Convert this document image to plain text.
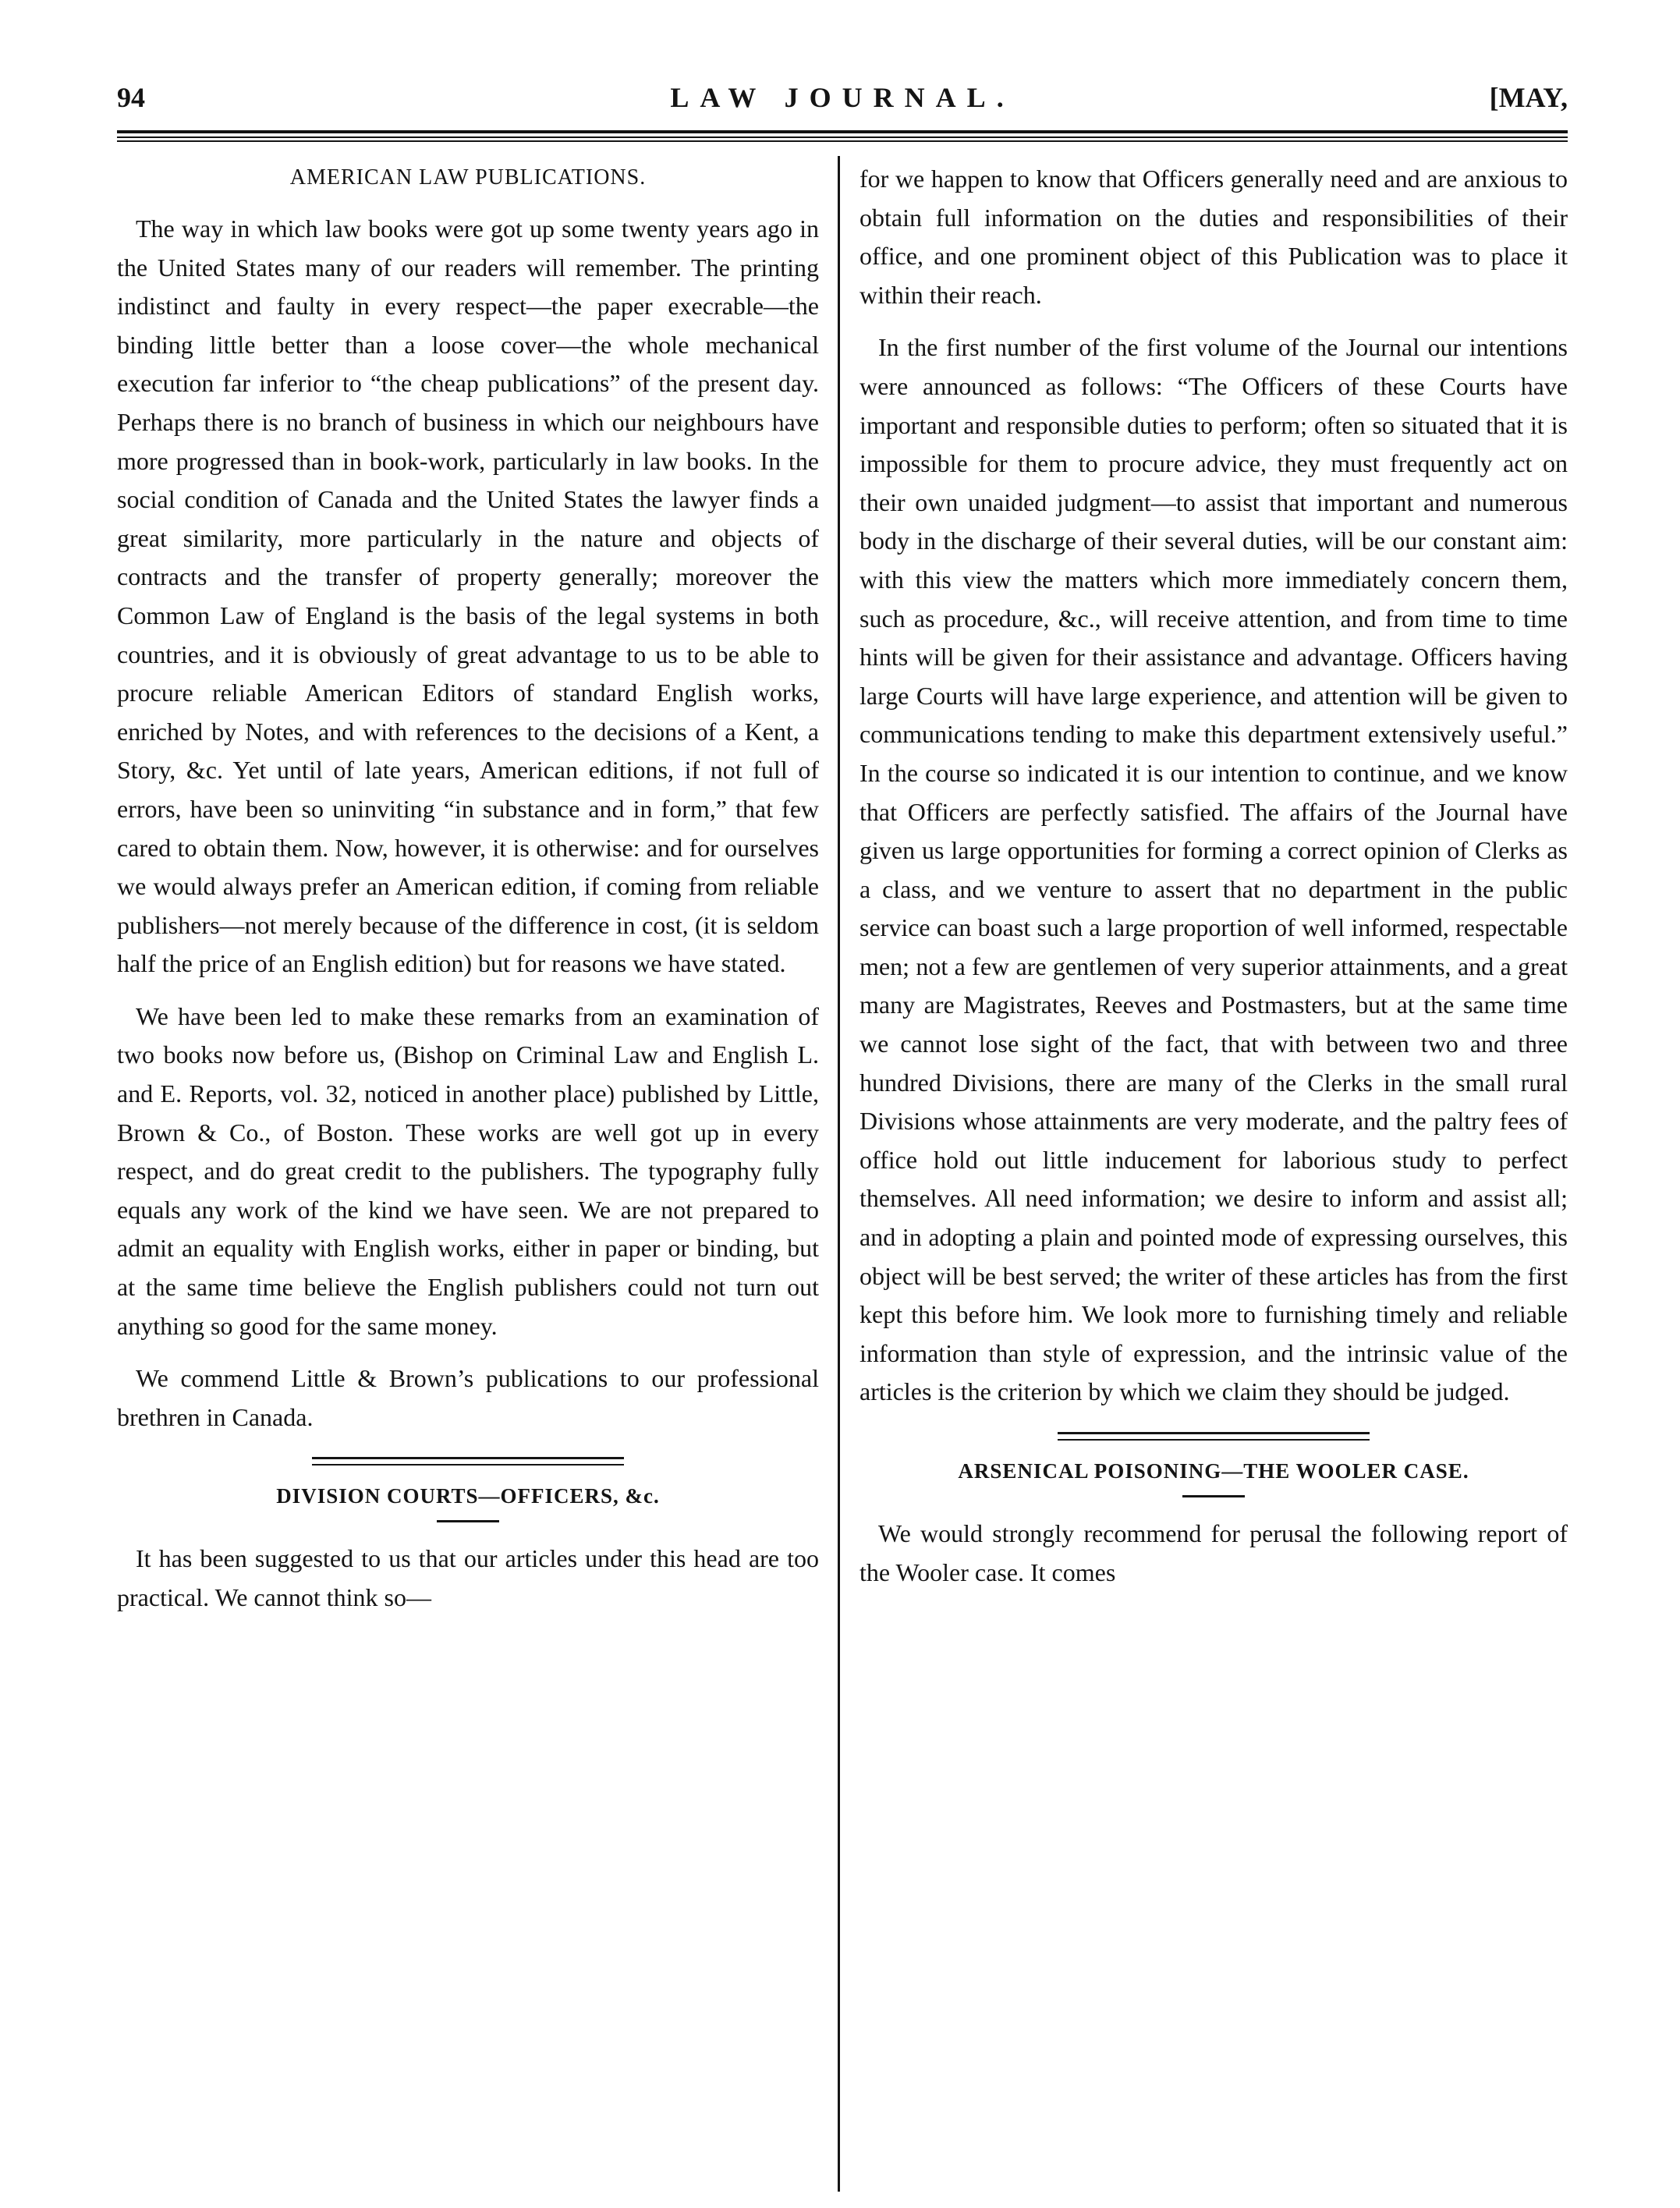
94	LAW JOURNAL.	[MAY,
AMERICAN LAW PUBLICATIONS.

The way in which law books were got up some twenty years ago in the United States many of our readers will remember. The printing indistinct and faulty in every respect—the paper execrable—the binding little better than a loose cover—the whole mechanical execution far inferior to “the cheap publications” of the present day. Perhaps there is no branch of business in which our neighbours have more progressed than in book-work, particularly in law books. In the social condition of Canada and the United States the lawyer finds a great similarity, more particularly in the nature and objects of contracts and the transfer of property generally; moreover the Common Law of England is the basis of the legal systems in both countries, and it is obviously of great advantage to us to be able to procure reliable American Editors of standard English works, enriched by Notes, and with references to the decisions of a Kent, a Story, &c. Yet until of late years, American editions, if not full of errors, have been so uninviting “in substance and in form,” that few cared to obtain them. Now, however, it is otherwise: and for ourselves we would always prefer an American edition, if coming from reliable publishers—not merely because of the difference in cost, (it is seldom half the price of an English edition) but for reasons we have stated.

We have been led to make these remarks from an examination of two books now before us, (Bishop on Criminal Law and English L. and E. Reports, vol. 32, noticed in another place) published by Little, Brown & Co., of Boston. These works are well got up in every respect, and do great credit to the publishers. The typography fully equals any work of the kind we have seen. We are not prepared to admit an equality with English works, either in paper or binding, but at the same time believe the English publishers could not turn out anything so good for the same money.

We commend Little & Brown’s publications to our professional brethren in Canada.

DIVISION COURTS—OFFICERS, &c.

It has been suggested to us that our articles under this head are too practical. We cannot think so—

for we happen to know that Officers generally need and are anxious to obtain full information on the duties and responsibilities of their office, and one prominent object of this Publication was to place it within their reach.

In the first number of the first volume of the Journal our intentions were announced as follows: “The Officers of these Courts have important and responsible duties to perform; often so situated that it is impossible for them to procure advice, they must frequently act on their own unaided judgment—to assist that important and numerous body in the discharge of their several duties, will be our constant aim: with this view the matters which more immediately concern them, such as procedure, &c., will receive attention, and from time to time hints will be given for their assistance and advantage. Officers having large Courts will have large experience, and attention will be given to communications tending to make this department extensively useful.” In the course so indicated it is our intention to continue, and we know that Officers are perfectly satisfied. The affairs of the Journal have given us large opportunities for forming a correct opinion of Clerks as a class, and we venture to assert that no department in the public service can boast such a large proportion of well informed, respectable men; not a few are gentlemen of very superior attainments, and a great many are Magistrates, Reeves and Postmasters, but at the same time we cannot lose sight of the fact, that with between two and three hundred Divisions, there are many of the Clerks in the small rural Divisions whose attainments are very moderate, and the paltry fees of office hold out little inducement for laborious study to perfect themselves. All need information; we desire to inform and assist all; and in adopting a plain and pointed mode of expressing ourselves, this object will be best served; the writer of these articles has from the first kept this before him. We look more to furnishing timely and reliable information than style of expression, and the intrinsic value of the articles is the criterion by which we claim they should be judged.

ARSENICAL POISONING—THE WOOLER CASE.

We would strongly recommend for perusal the following report of the Wooler case. It comes
